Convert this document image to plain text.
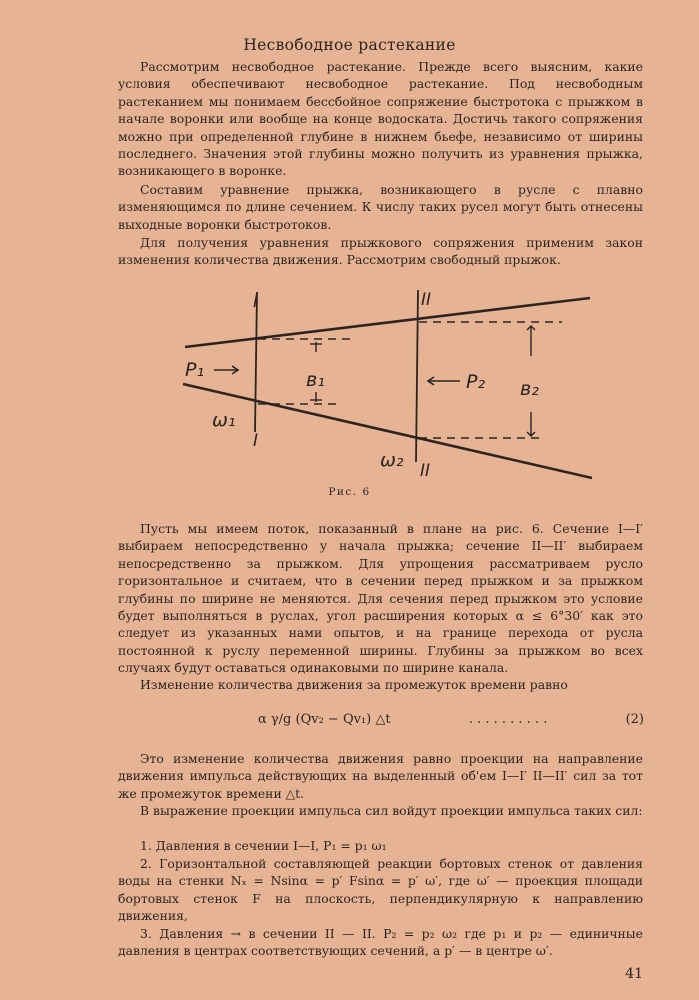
Несвободное растекание

Рассмотрим несвободное растекание. Прежде всего выясним, какие условия обеспечивают несвободное растекание. Под несвободным растеканием мы понимаем бессбойное сопряжение быстротока с прыжком в начале воронки или вообще на конце водоската. Достичь такого сопряжения можно при определенной глубине в нижнем бьефе, независимо от ширины последнего. Значения этой глубины можно получить из уравнения прыжка, возникающего в воронке.

Составим уравнение прыжка, возникающего в русле с плавно изменяющимся по длине сечением. К числу таких русел могут быть отнесены выходные воронки быстротоков.

Для получения уравнения прыжкового сопряжения применим закон изменения количества движения. Рассмотрим свободный прыжок.

I
I
II
II
P₁
P₂
в₁	в₂
ω₁
ω₂
Рис. 6

Пусть мы имеем поток, показанный в плане на рис. 6. Сечение I—I′ выбираем непосредственно у начала прыжка; сечение II—II′ выбираем непосредственно за прыжком. Для упрощения рассматриваем русло горизонтальное и считаем, что в сечении перед прыжком и за прыжком глубины по ширине не меняются. Для сечения перед прыжком это условие будет выполняться в руслах, угол расширения которых α ≤ 6°30′ как это следует из указанных нами опытов, и на границе перехода от русла постоянной к руслу переменной ширины. Глубины за прыжком во всех случаях будут оставаться одинаковыми по ширине канала.

Изменение количества движения за промежуток времени равно

α γ/g (Qv₂ − Qv₁) △t	. . . . . . . . . .	(2)

Это изменение количества движения равно проекции на направление движения импульса действующих на выделенный об'ем I—I′ II—II′ сил за тот же промежуток времени △t.

В выражение проекции импульса сил войдут проекции импульса таких сил:

1. Давления в сечении I—I, P₁ = p₁ ω₁

2. Горизонтальной составляющей реакции бортовых стенок от давления воды на стенки Nₓ = Nsinα = p′ Fsinα = p′ ω′, где ω′ — проекция площади бортовых стенок F на плоскость, перпендикулярную к направлению движения,

3. Давления → в сечении II — II. P₂ = p₂ ω₂ где p₁ и p₂ — единичные давления в центрах соответствующих сечений, а p′ — в центре ω′.

41
